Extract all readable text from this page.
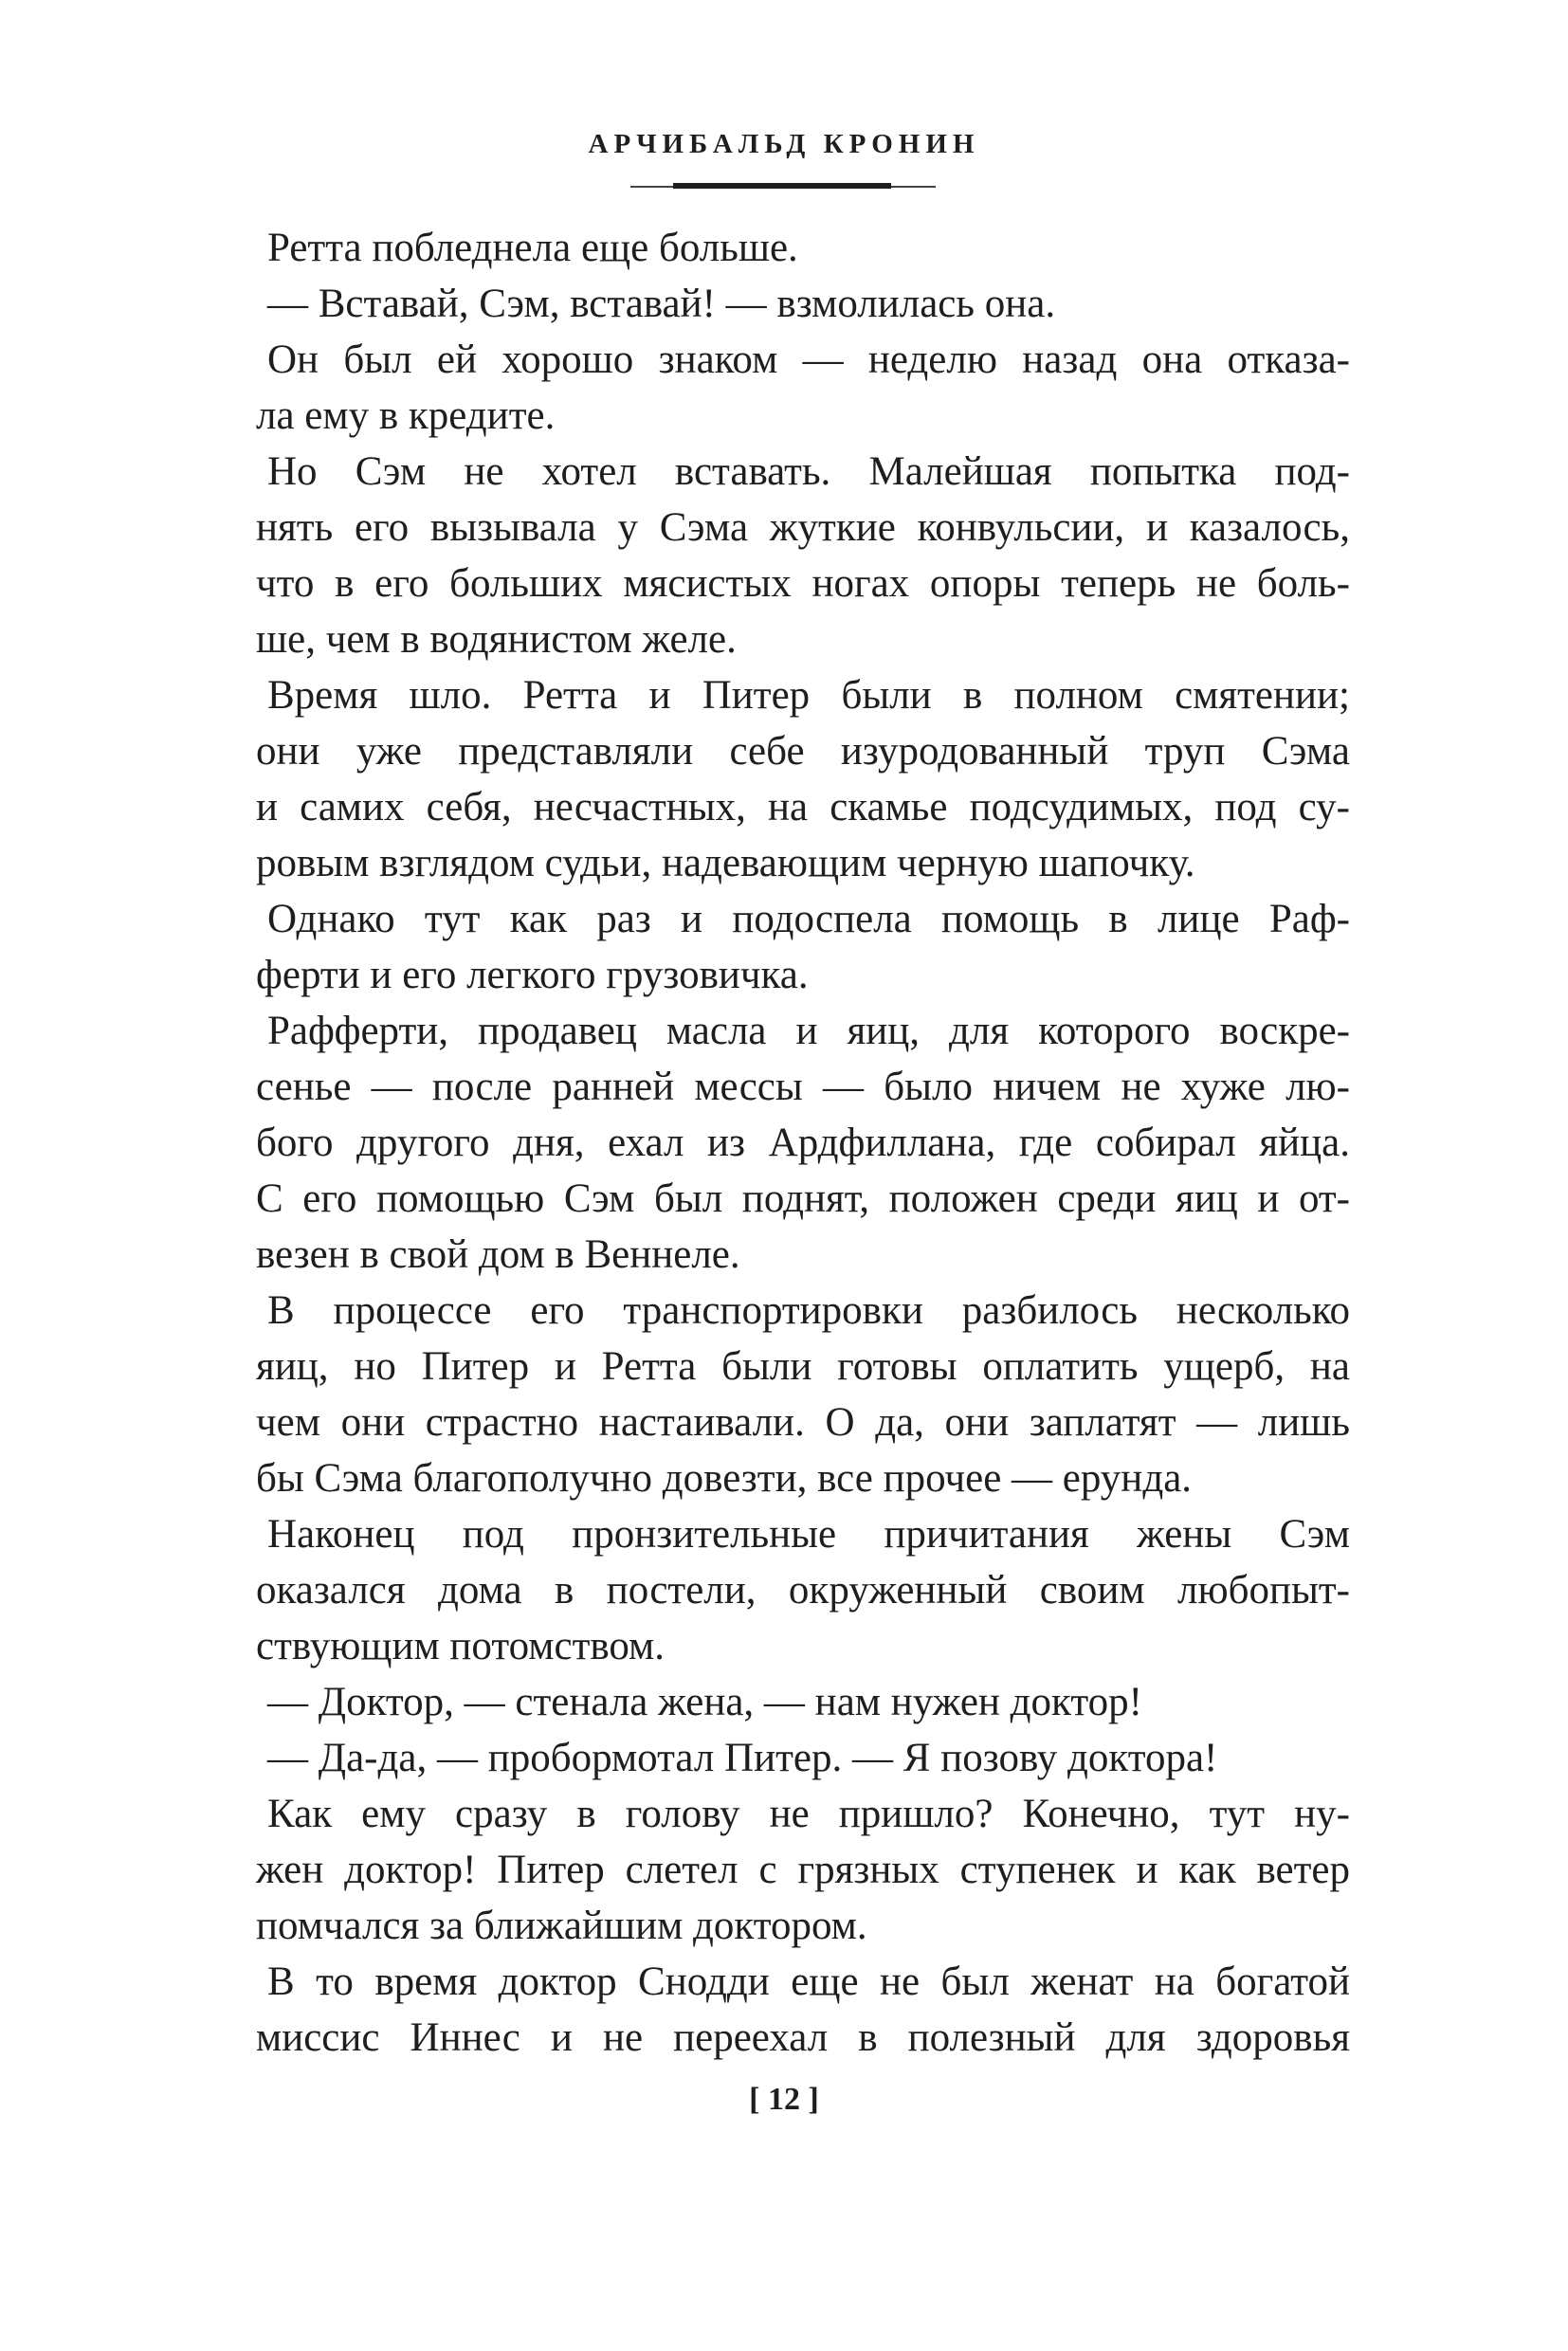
АРЧИБАЛЬД КРОНИН
Ретта побледнела еще больше.
— Вставай, Сэм, вставай! — взмолилась она.
Он был ей хорошо знаком — неделю назад она отказа-
ла ему в кредите.
Но Сэм не хотел вставать. Малейшая попытка под-
нять его вызывала у Сэма жуткие конвульсии, и казалось,
что в его больших мясистых ногах опоры теперь не боль-
ше, чем в водянистом желе.
Время шло. Ретта и Питер были в полном смятении;
они уже представляли себе изуродованный труп Сэма
и самих себя, несчастных, на скамье подсудимых, под су-
ровым взглядом судьи, надевающим черную шапочку.
Однако тут как раз и подоспела помощь в лице Раф-
ферти и его легкого грузовичка.
Рафферти, продавец масла и яиц, для которого воскре-
сенье — после ранней мессы — было ничем не хуже лю-
бого другого дня, ехал из Ардфиллана, где собирал яйца.
С его помощью Сэм был поднят, положен среди яиц и от-
везен в свой дом в Веннеле.
В процессе его транспортировки разбилось несколько
яиц, но Питер и Ретта были готовы оплатить ущерб, на
чем они страстно настаивали. О да, они заплатят — лишь
бы Сэма благополучно довезти, все прочее — ерунда.
Наконец под пронзительные причитания жены Сэм
оказался дома в постели, окруженный своим любопыт-
ствующим потомством.
— Доктор, — стенала жена, — нам нужен доктор!
— Да-да, — пробормотал Питер. — Я позову доктора!
Как ему сразу в голову не пришло? Конечно, тут ну-
жен доктор! Питер слетел с грязных ступенек и как ветер
помчался за ближайшим доктором.
В то время доктор Снодди еще не был женат на богатой
миссис Иннес и не переехал в полезный для здоровья
[ 12 ]
